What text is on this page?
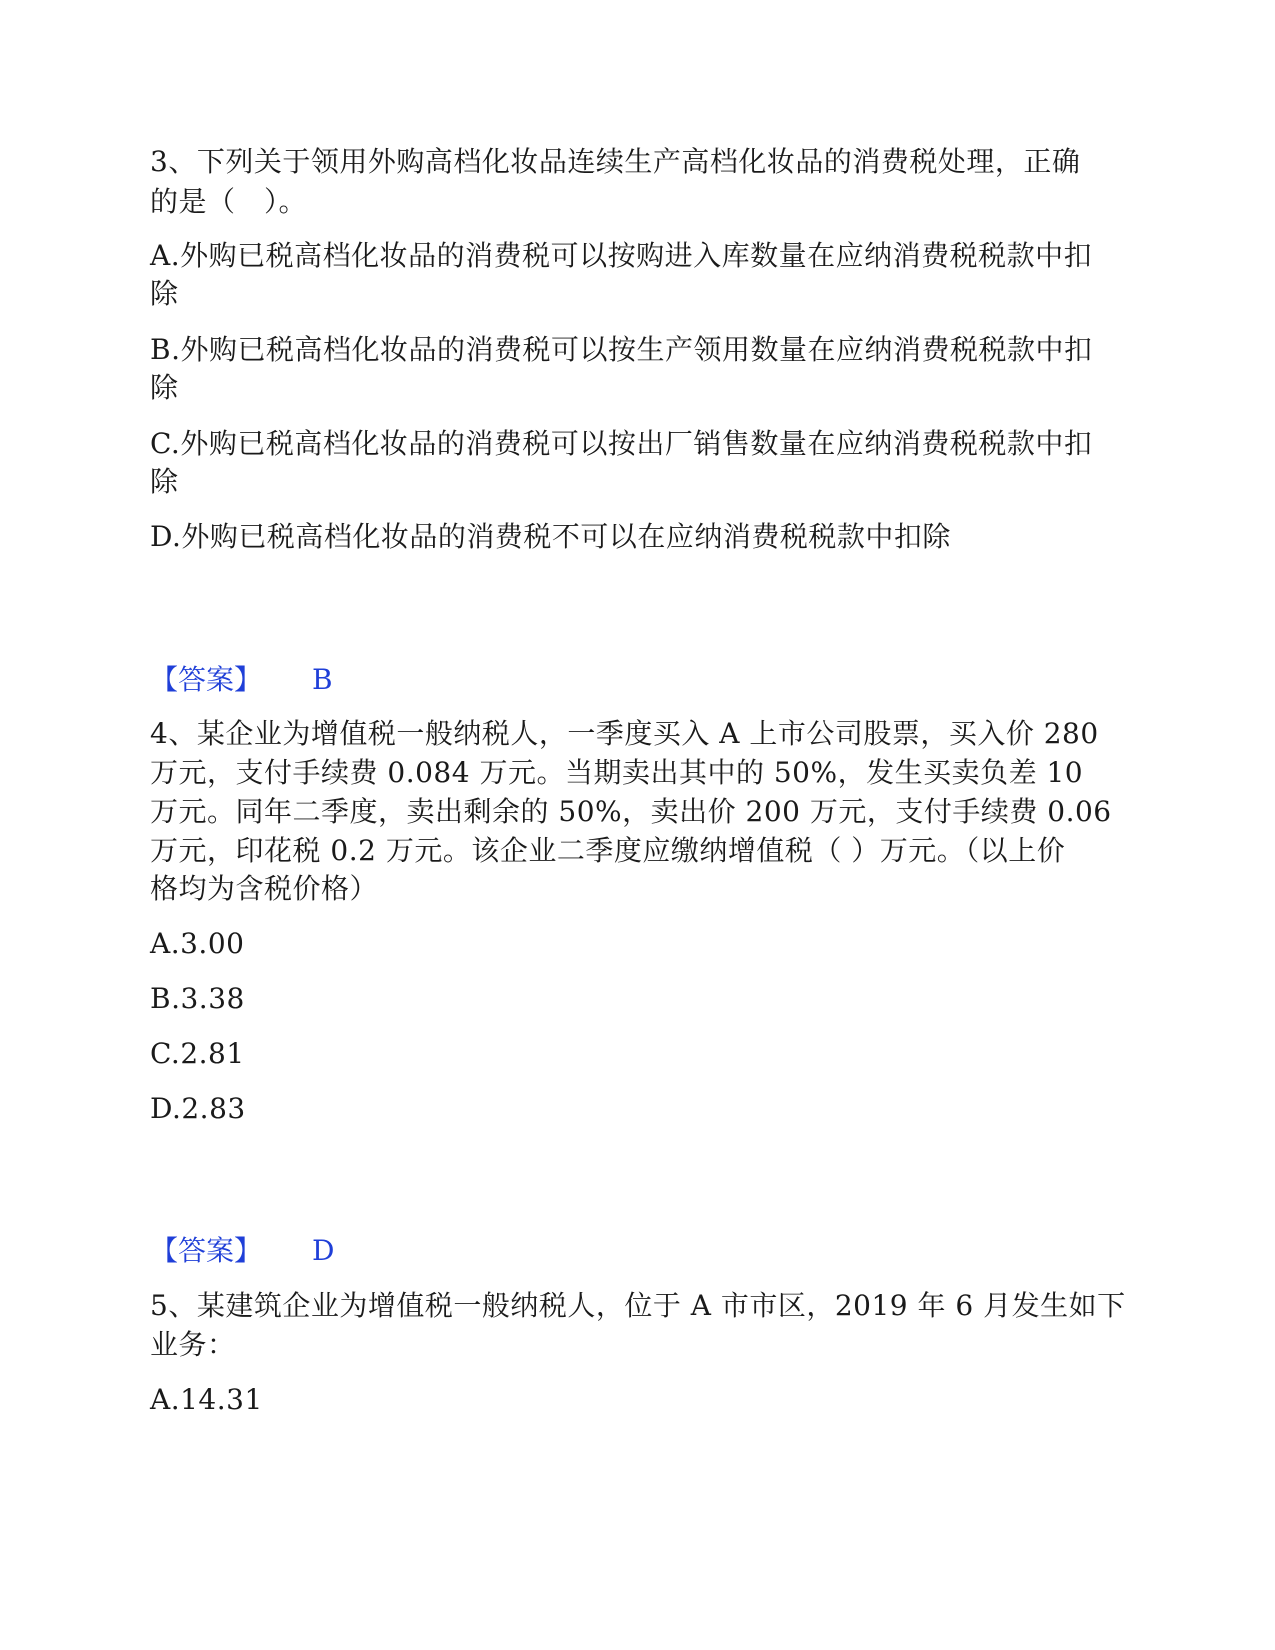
3、下列关于领用外购高档化妆品连续生产高档化妆品的消费税处理，正确
的是（　）。
A.外购已税高档化妆品的消费税可以按购进入库数量在应纳消费税税款中扣
除
B.外购已税高档化妆品的消费税可以按生产领用数量在应纳消费税税款中扣
除
C.外购已税高档化妆品的消费税可以按出厂销售数量在应纳消费税税款中扣
除
D.外购已税高档化妆品的消费税不可以在应纳消费税税款中扣除
【答案】 B
4、某企业为增值税一般纳税人，一季度买入 A 上市公司股票，买入价 280
万元，支付手续费 0.084 万元。当期卖出其中的 50%，发生买卖负差 10
万元。同年二季度，卖出剩余的 50%，卖出价 200 万元，支付手续费 0.06
万元，印花税 0.2 万元。该企业二季度应缴纳增值税（ ）万元。（以上价
格均为含税价格）
A.3.00
B.3.38
C.2.81
D.2.83
【答案】 D
5、某建筑企业为增值税一般纳税人，位于 A 市市区，2019 年 6 月发生如下
业务：
A.14.31
